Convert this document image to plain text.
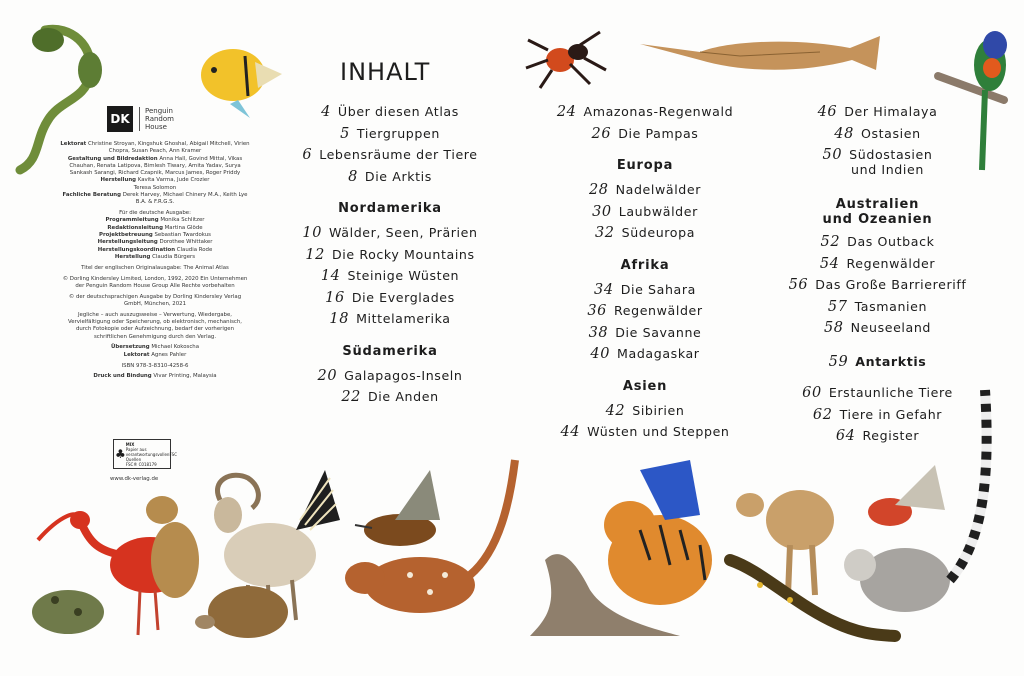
INHALT
DK
Penguin
Random
House

Lektorat Christine Stroyan, Kingshuk Ghoshal, Abigail Mitchell, Virien Chopra, Susan Peach, Ann Kramer
Gestaltung und Bildredaktion Anna Hall, Govind Mittal, Vikas Chauhan, Renata Latipova, Bimlesh Tiwary, Amita Yadav, Surya Sankash Sarangi, Richard Czapnik, Marcus James, Roger Priddy
Herstellung Kavita Varma, Jude Crozier
Teresa Solomon
Fachliche Beratung Derek Harvey, Michael Chinery M.A., Keith Lye B.A. & F.R.G.S.

Für die deutsche Ausgabe:
Programmleitung Monika Schlitzer
Redaktionsleitung Martina Glöde
Projektbetreuung Sebastian Twardokus
Herstellungsleitung Dorothee Whittaker
Herstellungskoordination Claudia Rode
Herstellung Claudia Bürgers

Titel der englischen Originalausgabe: The Animal Atlas

© Dorling Kindersley Limited, London, 1992, 2020 Ein Unternehmen der Penguin Random House Group Alle Rechte vorbehalten

© der deutschsprachigen Ausgabe by Dorling Kindersley Verlag GmbH, München, 2021

Jegliche – auch auszugsweise – Verwertung, Wiedergabe, Vervielfältigung oder Speicherung, ob elektronisch, mechanisch, durch Fotokopie oder Aufzeichnung, bedarf der vorherigen schriftlichen Genehmigung durch den Verlag.

Übersetzung Michael Kokoscha
Lektorat Agnes Pahler

ISBN 978-3-8310-4258-6

Druck und Bindung Vivar Printing, Malaysia

♣
MIX
Papier aus verantwortungsvollen Quellen
FSC® C018179
FSC
www.dk-verlag.de
4 Über diesen Atlas
5 Tiergruppen
6 Lebensräume der Tiere
8 Die Arktis
Nordamerika
10 Wälder, Seen, Prärien
12 Die Rocky Mountains
14 Steinige Wüsten
16 Die Everglades
18 Mittelamerika
Südamerika
20 Galapagos-Inseln
22 Die Anden
24 Amazonas-Regenwald
26 Die Pampas
Europa
28 Nadelwälder
30 Laubwälder
32 Südeuropa
Afrika
34 Die Sahara
36 Regenwälder
38 Die Savanne
40 Madagaskar
Asien
42 Sibirien
44 Wüsten und Steppen
46 Der Himalaya
48 Ostasien
50 Südostasien
und Indien
Australien
und Ozeanien
52 Das Outback
54 Regenwälder
56 Das Große Barriereriff
57 Tasmanien
58 Neuseeland
59 Antarktis
60 Erstaunliche Tiere
62 Tiere in Gefahr
64 Register
